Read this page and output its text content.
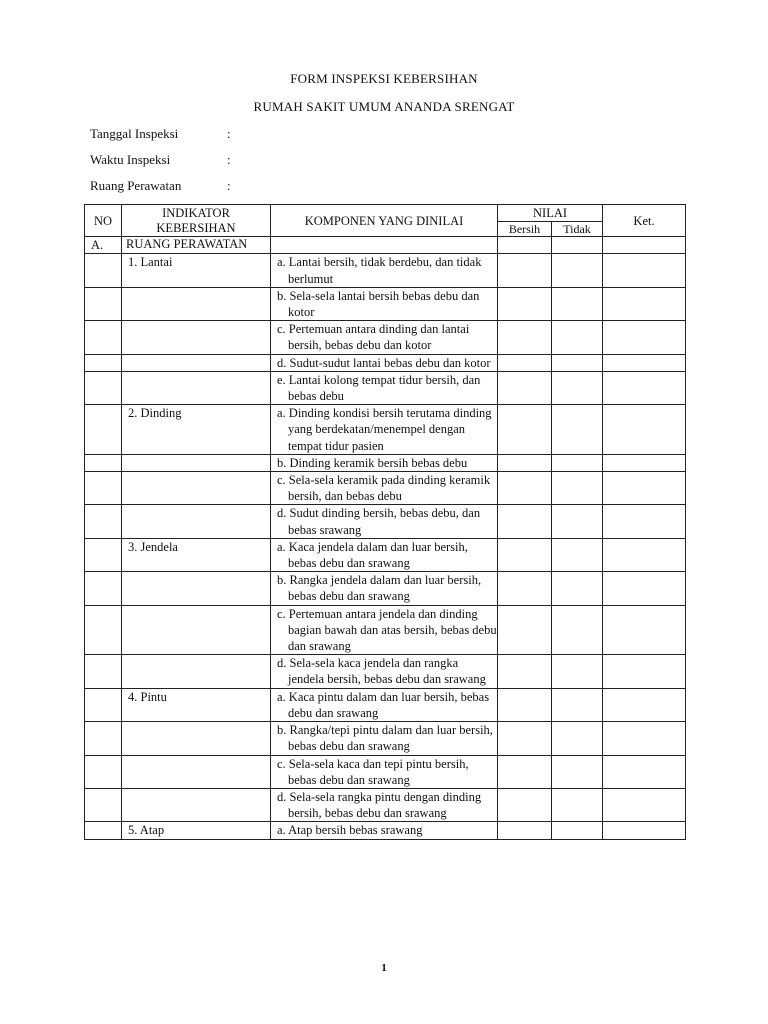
FORM INSPEKSI KEBERSIHAN
RUMAH SAKIT UMUM ANANDA SRENGAT
Tanggal Inspeksi	:
Waktu Inspeksi	:
Ruang Perawatan	:
NO	INDIKATOR KEBERSIHAN	KOMPONEN YANG DINILAI	NILAI		Ket.
			Bersih	Tidak	
A.	RUANG PERAWATAN				
	1. Lantai	a. Lantai bersih, tidak berdebu, dan tidak berlumut			

		b. Sela-sela lantai bersih bebas debu dan kotor			

		c. Pertemuan antara dinding dan lantai bersih, bebas debu dan kotor			

		d. Sudut-sudut lantai bebas debu dan kotor			

		e. Lantai kolong tempat tidur bersih, dan bebas debu			

	2. Dinding	a. Dinding kondisi bersih terutama dinding yang berdekatan/menempel dengan tempat tidur pasien			

		b. Dinding keramik bersih bebas debu			

		c. Sela-sela keramik pada dinding keramik bersih, dan bebas debu			

		d. Sudut dinding bersih, bebas debu, dan bebas srawang			

	3. Jendela	a. Kaca jendela dalam dan luar bersih, bebas debu dan srawang			

		b. Rangka jendela dalam dan luar bersih, bebas debu dan srawang			

		c. Pertemuan antara jendela dan dinding bagian bawah dan atas bersih, bebas debu dan srawang			

		d. Sela-sela kaca jendela dan rangka jendela bersih, bebas debu dan srawang			

	4. Pintu	a. Kaca pintu dalam dan luar bersih, bebas debu dan srawang			

		b. Rangka/tepi pintu dalam dan luar bersih, bebas debu dan srawang			

		c. Sela-sela kaca dan tepi pintu bersih, bebas debu dan srawang			

		d. Sela-sela rangka pintu dengan dinding bersih, bebas debu dan srawang			

	5. Atap	a. Atap bersih bebas srawang			

1
